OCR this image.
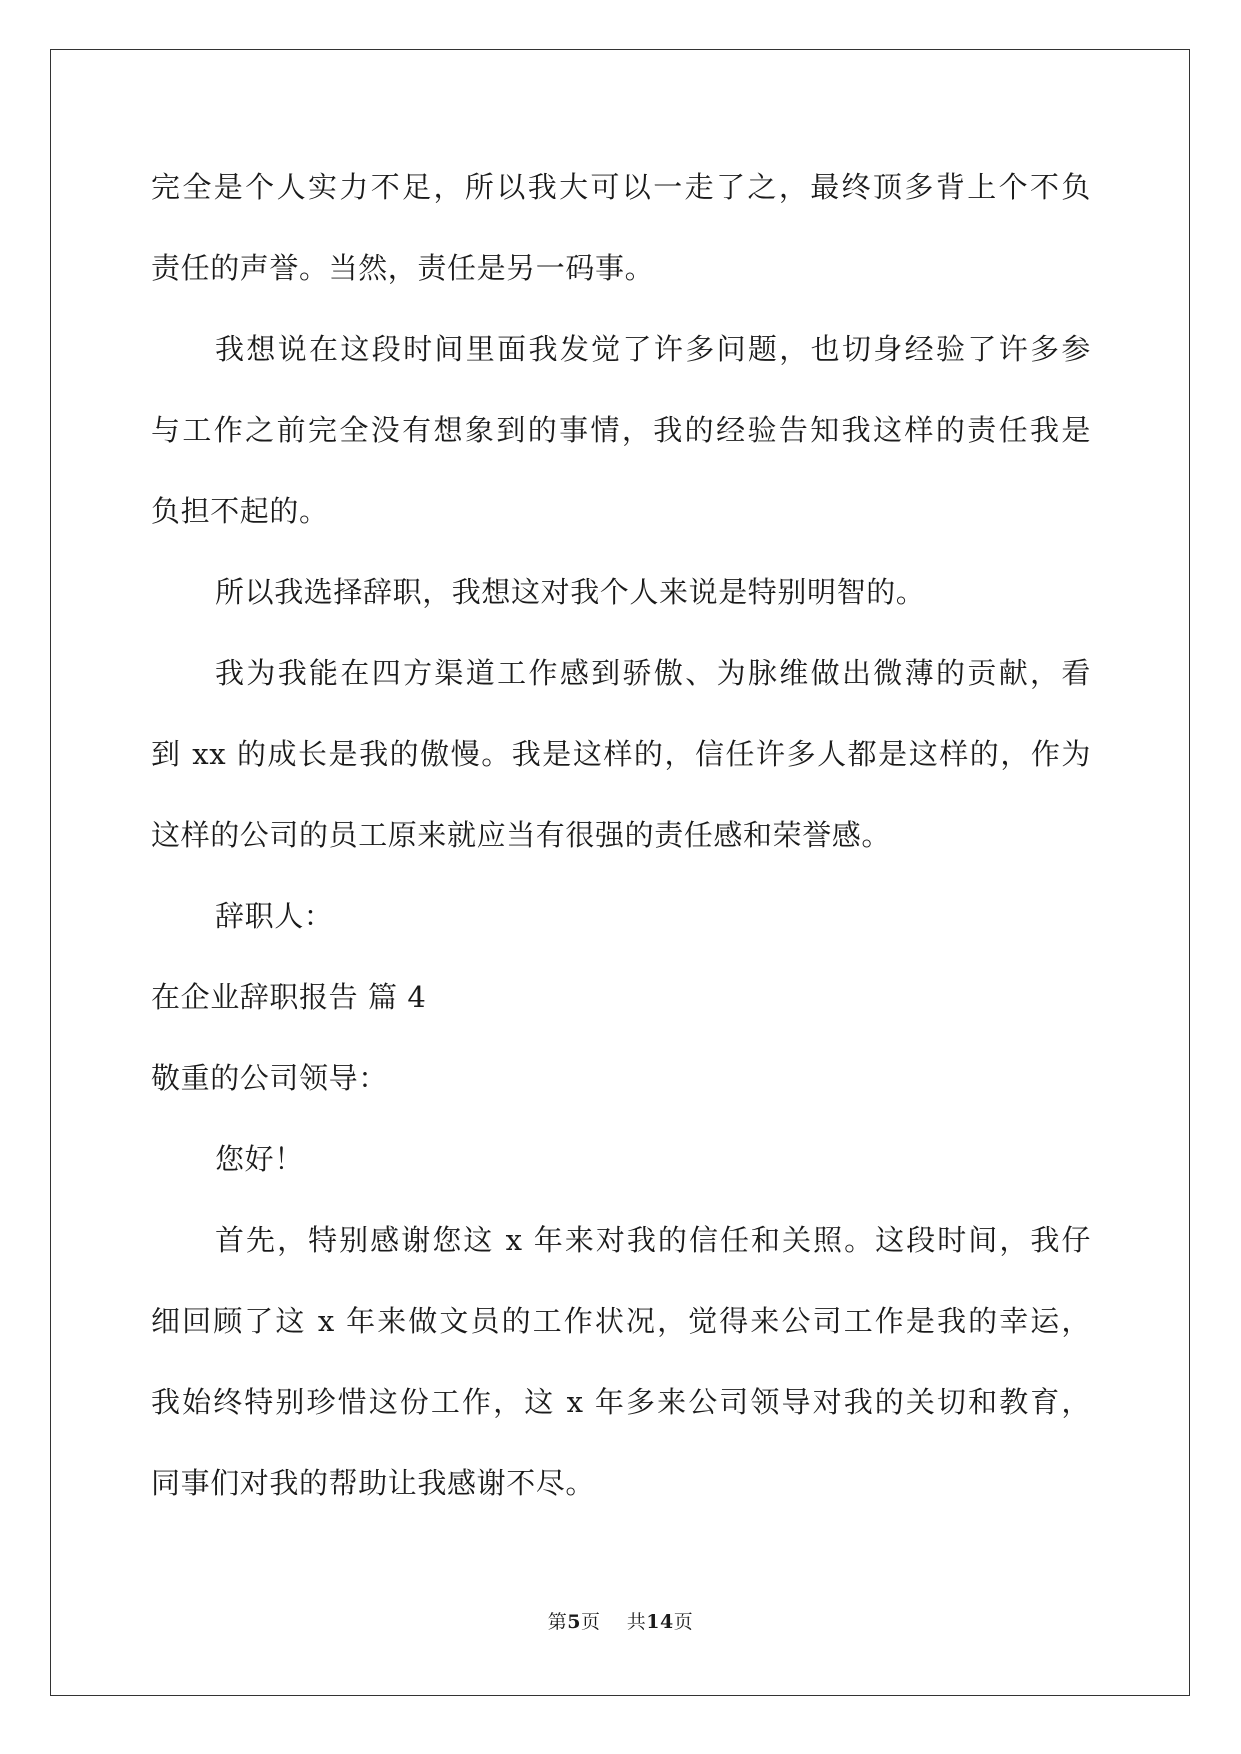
完全是个人实力不足，所以我大可以一走了之，最终顶多背上个不负
责任的声誉。当然，责任是另一码事。
我想说在这段时间里面我发觉了许多问题，也切身经验了许多参
与工作之前完全没有想象到的事情，我的经验告知我这样的责任我是
负担不起的。
所以我选择辞职，我想这对我个人来说是特别明智的。
我为我能在四方渠道工作感到骄傲、为脉维做出微薄的贡献，看
到 xx 的成长是我的傲慢。我是这样的，信任许多人都是这样的，作为
这样的公司的员工原来就应当有很强的责任感和荣誉感。
辞职人：
在企业辞职报告 篇 4
敬重的公司领导：
您好！
首先，特别感谢您这 x 年来对我的信任和关照。这段时间，我仔
细回顾了这 x 年来做文员的工作状况，觉得来公司工作是我的幸运，
我始终特别珍惜这份工作，这 x 年多来公司领导对我的关切和教育，
同事们对我的帮助让我感谢不尽。
第5页 共14页
